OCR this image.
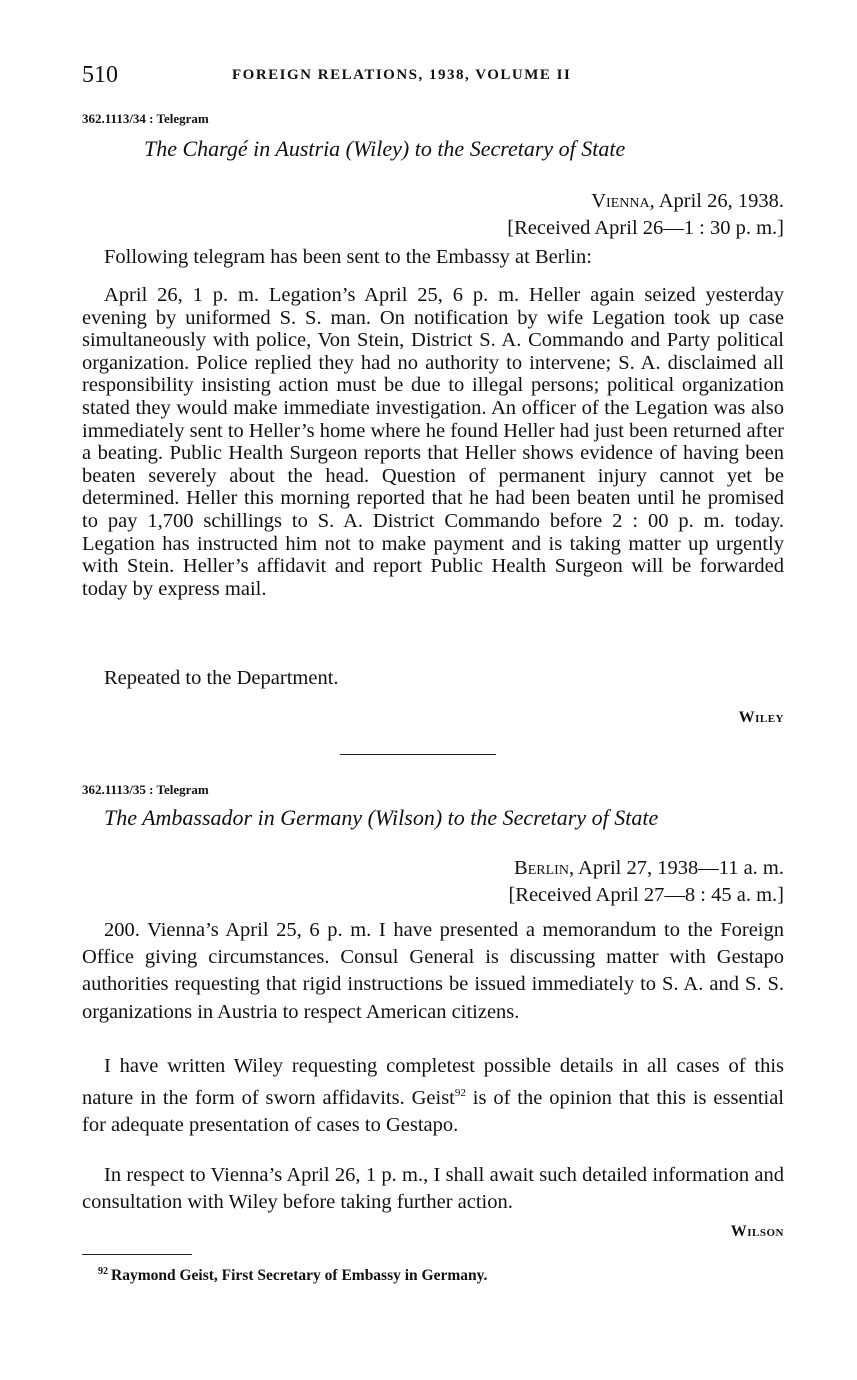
510	FOREIGN RELATIONS, 1938, VOLUME II
362.1113/34 : Telegram
The Chargé in Austria (Wiley) to the Secretary of State
Vienna, April 26, 1938.
[Received April 26—1 : 30 p. m.]
Following telegram has been sent to the Embassy at Berlin:
April 26, 1 p. m. Legation’s April 25, 6 p. m. Heller again seized yesterday evening by uniformed S. S. man. On notification by wife Legation took up case simultaneously with police, Von Stein, District S. A. Commando and Party political organization. Police replied they had no authority to intervene; S. A. disclaimed all responsibility insisting action must be due to illegal persons; political organization stated they would make immediate investigation. An officer of the Legation was also immediately sent to Heller’s home where he found Heller had just been returned after a beating. Public Health Surgeon reports that Heller shows evidence of having been beaten severely about the head. Question of permanent injury cannot yet be determined. Heller this morning reported that he had been beaten until he promised to pay 1,700 schillings to S. A. District Commando before 2 : 00 p. m. today. Legation has instructed him not to make payment and is taking matter up urgently with Stein. Heller’s affidavit and report Public Health Surgeon will be forwarded today by express mail.
Repeated to the Department.
Wiley
362.1113/35 : Telegram
The Ambassador in Germany (Wilson) to the Secretary of State
Berlin, April 27, 1938—11 a. m.
[Received April 27—8 : 45 a. m.]
200. Vienna’s April 25, 6 p. m. I have presented a memorandum to the Foreign Office giving circumstances. Consul General is discussing matter with Gestapo authorities requesting that rigid instructions be issued immediately to S. A. and S. S. organizations in Austria to respect American citizens.
I have written Wiley requesting completest possible details in all cases of this nature in the form of sworn affidavits. Geist$^{92}$ is of the opinion that this is essential for adequate presentation of cases to Gestapo.
In respect to Vienna’s April 26, 1 p. m., I shall await such detailed information and consultation with Wiley before taking further action.
Wilson
$^{92}$ Raymond Geist, First Secretary of Embassy in Germany.
